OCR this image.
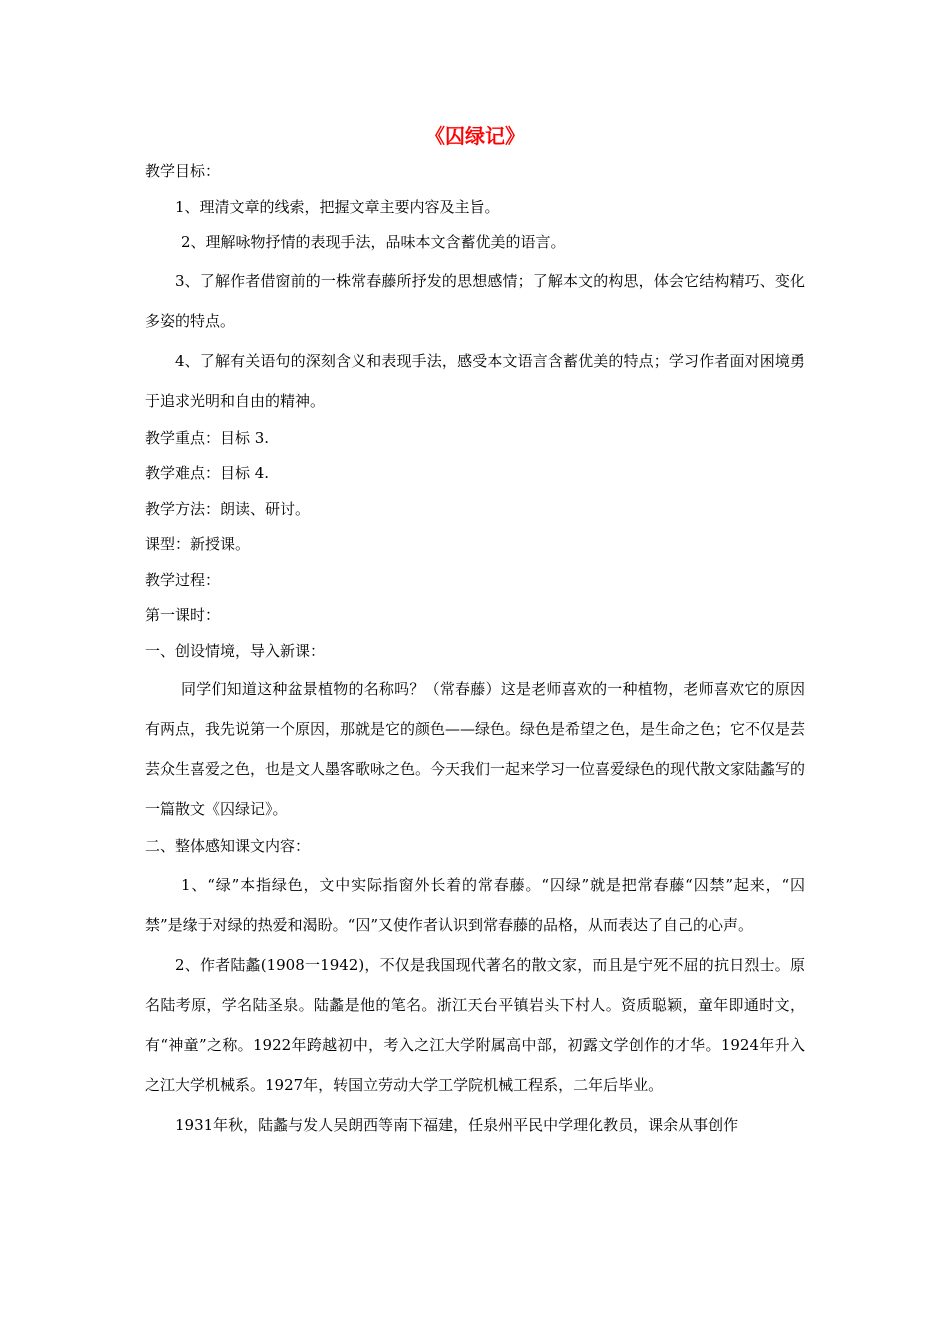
《囚绿记》

教学目标：

1、理清文章的线索，把握文章主要内容及主旨。

2、理解咏物抒情的表现手法，品味本文含蓄优美的语言。

3、了解作者借窗前的一株常春藤所抒发的思想感情；了解本文的构思，体会它结构精巧、变化多姿的特点。

4、了解有关语句的深刻含义和表现手法，感受本文语言含蓄优美的特点；学习作者面对困境勇于追求光明和自由的精神。

教学重点：目标 3.

教学难点：目标 4.

教学方法：朗读、研讨。

课型：新授课。

教学过程：

第一课时：

一、创设情境，导入新课：

同学们知道这种盆景植物的名称吗？（常春藤）这是老师喜欢的一种植物，老师喜欢它的原因有两点，我先说第一个原因，那就是它的颜色——绿色。绿色是希望之色，是生命之色；它不仅是芸芸众生喜爱之色，也是文人墨客歌咏之色。今天我们一起来学习一位喜爱绿色的现代散文家陆蠡写的一篇散文《囚绿记》。

二、整体感知课文内容：

1、“绿”本指绿色，文中实际指窗外长着的常春藤。“囚绿”就是把常春藤“囚禁”起来，“囚禁”是缘于对绿的热爱和渴盼。“囚”又使作者认识到常春藤的品格，从而表达了自己的心声。

2、作者陆蠡(1908一1942)，不仅是我国现代著名的散文家，而且是宁死不屈的抗日烈士。原名陆考原，学名陆圣泉。陆蠡是他的笔名。浙江天台平镇岩头下村人。资质聪颖，童年即通时文，有“神童”之称。1922年跨越初中，考入之江大学附属高中部，初露文学创作的才华。1924年升入之江大学机械系。1927年，转国立劳动大学工学院机械工程系，二年后毕业。

1931年秋，陆蠡与发人吴朗西等南下福建，任泉州平民中学理化教员，课余从事创作
